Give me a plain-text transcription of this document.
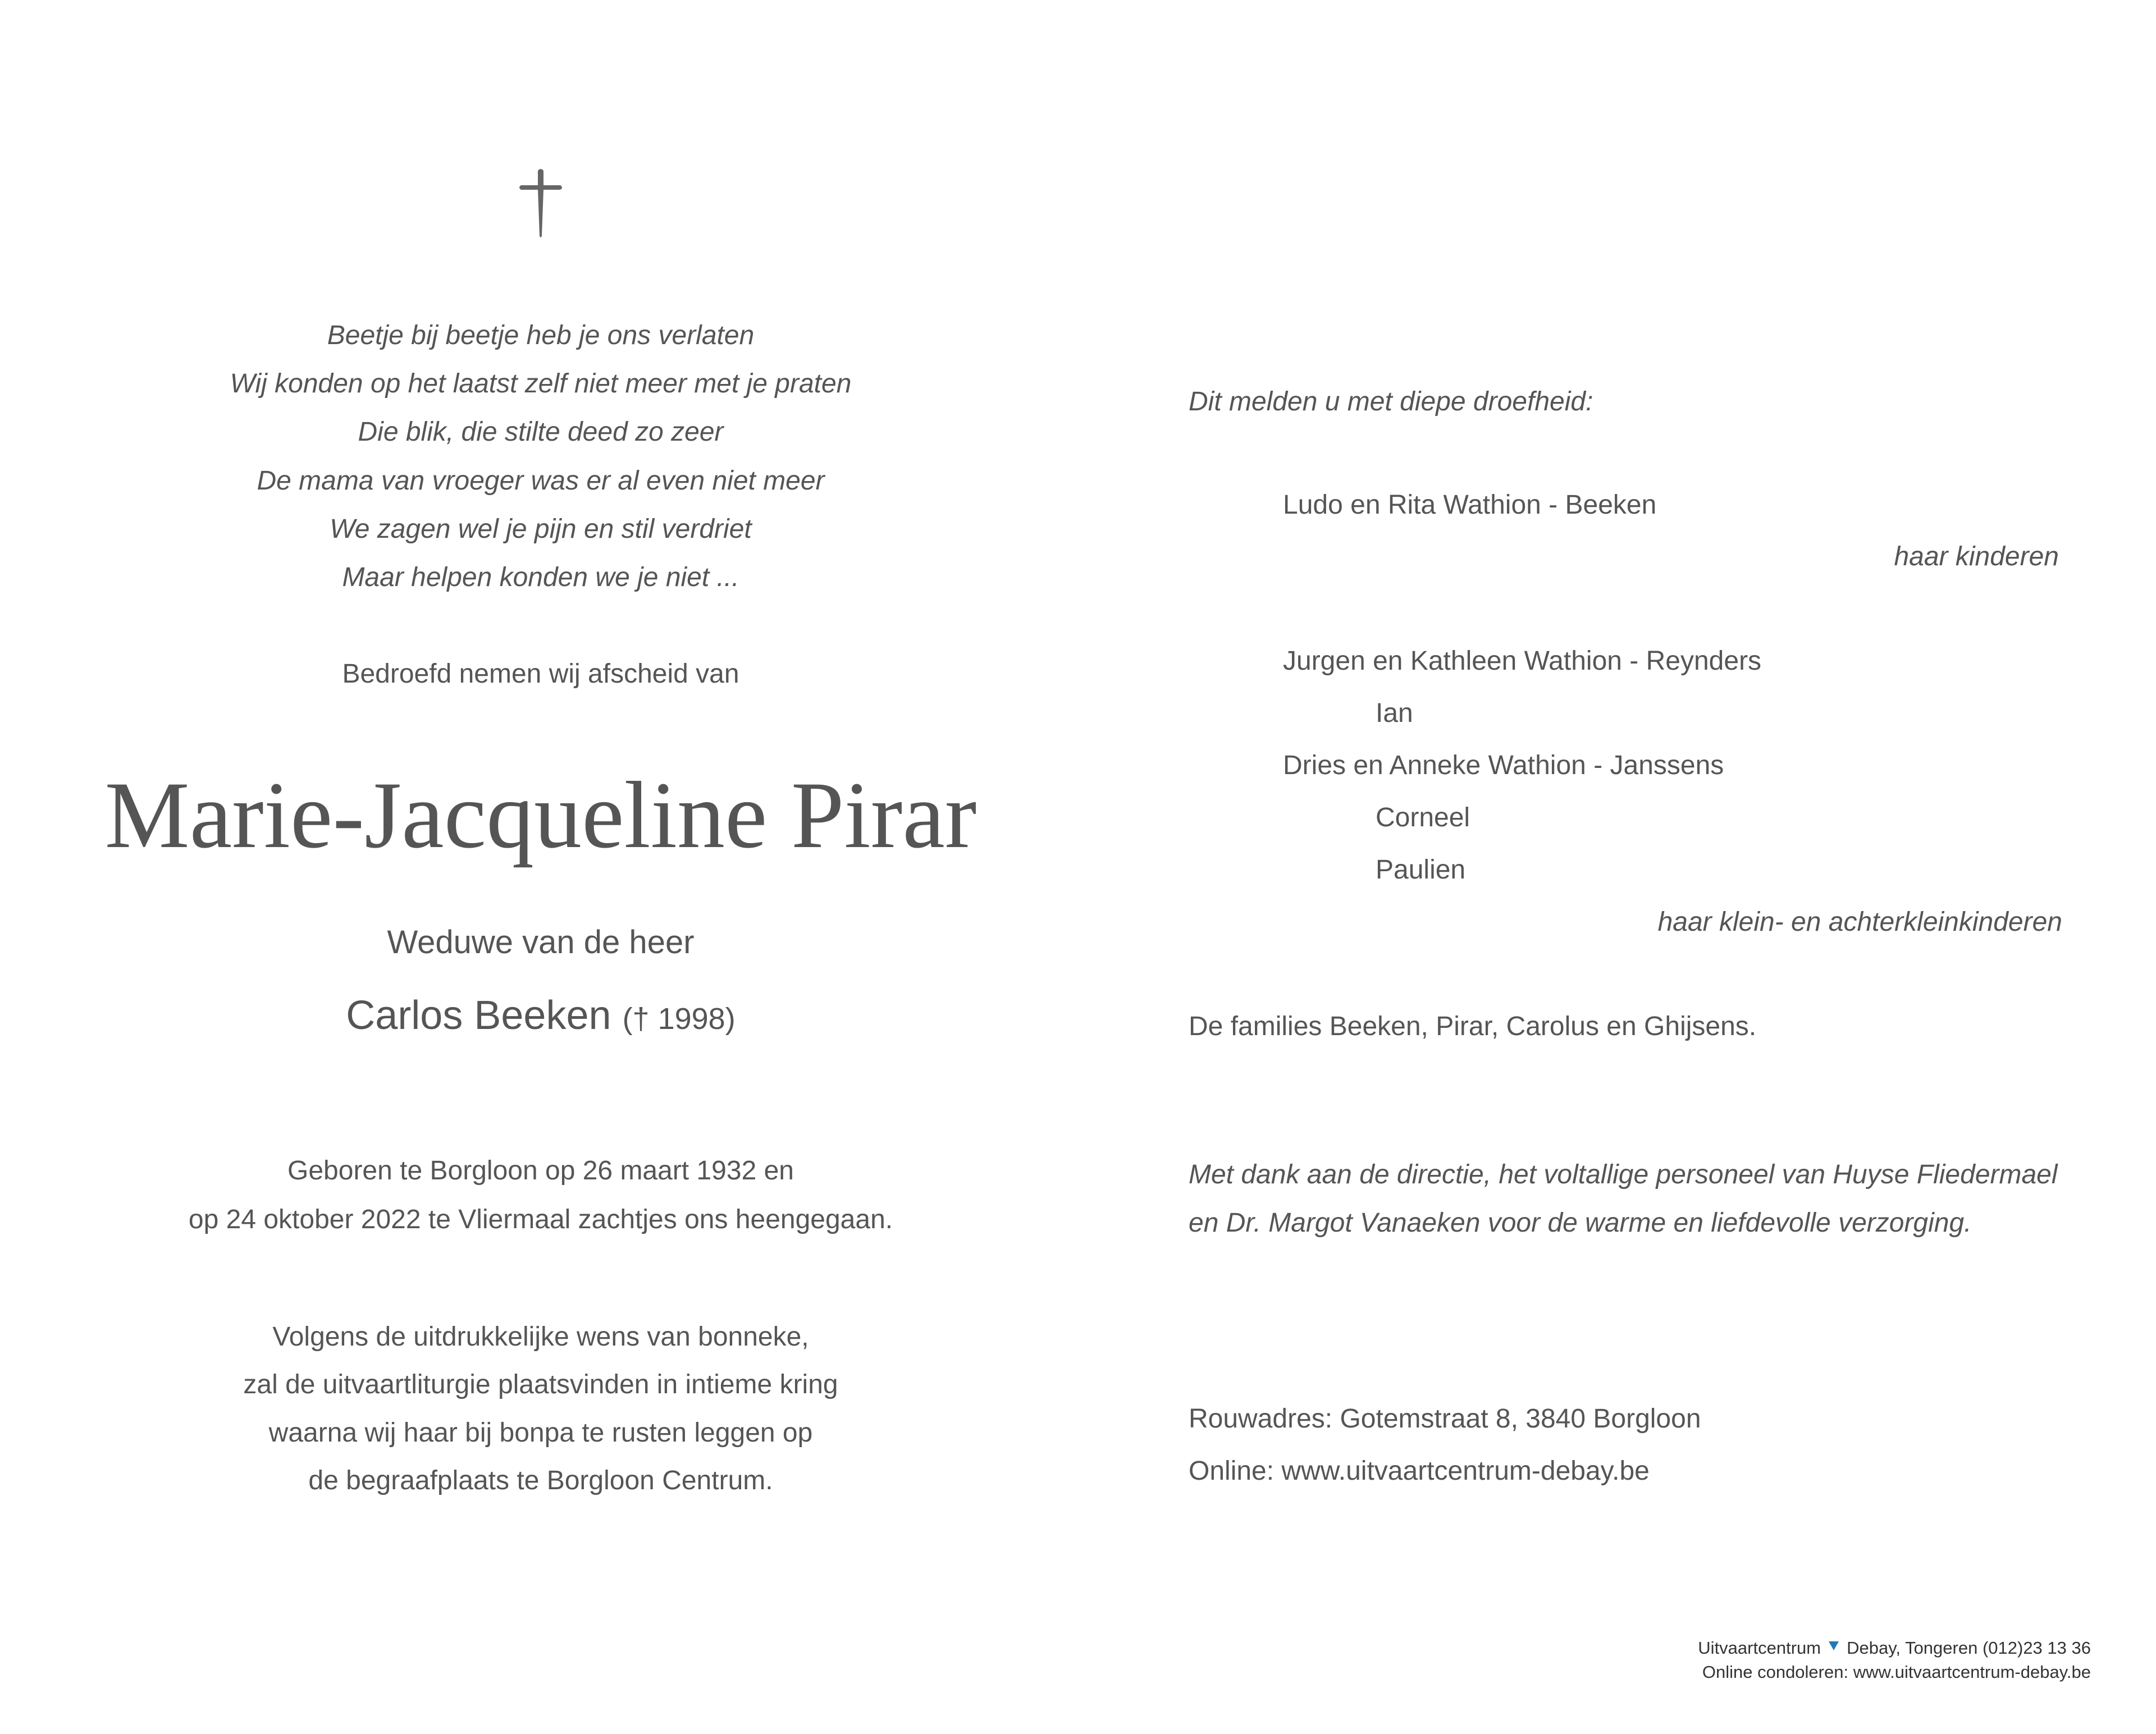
Beetje bij beetje heb je ons verlaten
Wij konden op het laatst zelf niet meer met je praten
Die blik, die stilte deed zo zeer
De mama van vroeger was er al even niet meer
We zagen wel je pijn en stil verdriet
Maar helpen konden we je niet ...
Bedroefd nemen wij afscheid van
Marie-Jacqueline Pirar
Weduwe van de heer
Carlos Beeken († 1998)
Geboren te Borgloon op 26 maart 1932 en
op 24 oktober 2022 te Vliermaal zachtjes ons heengegaan.
Volgens de uitdrukkelijke wens van bonneke,
zal de uitvaartliturgie plaatsvinden in intieme kring
waarna wij haar bij bonpa te rusten leggen op
de begraafplaats te Borgloon Centrum.
Dit melden u met diepe droefheid:
Ludo en Rita Wathion - Beeken
haar kinderen
Jurgen en Kathleen Wathion - Reynders
Ian
Dries en Anneke Wathion - Janssens
Corneel
Paulien
haar klein- en achterkleinkinderen
De families Beeken, Pirar, Carolus en Ghijsens.
Met dank aan de directie, het voltallige personeel van Huyse Fliedermael
en Dr. Margot Vanaeken voor de warme en liefdevolle verzorging.
Rouwadres: Gotemstraat 8, 3840 Borgloon
Online: www.uitvaartcentrum-debay.be
Uitvaartcentrum Debay, Tongeren (012)23 13 36
Online condoleren: www.uitvaartcentrum-debay.be
